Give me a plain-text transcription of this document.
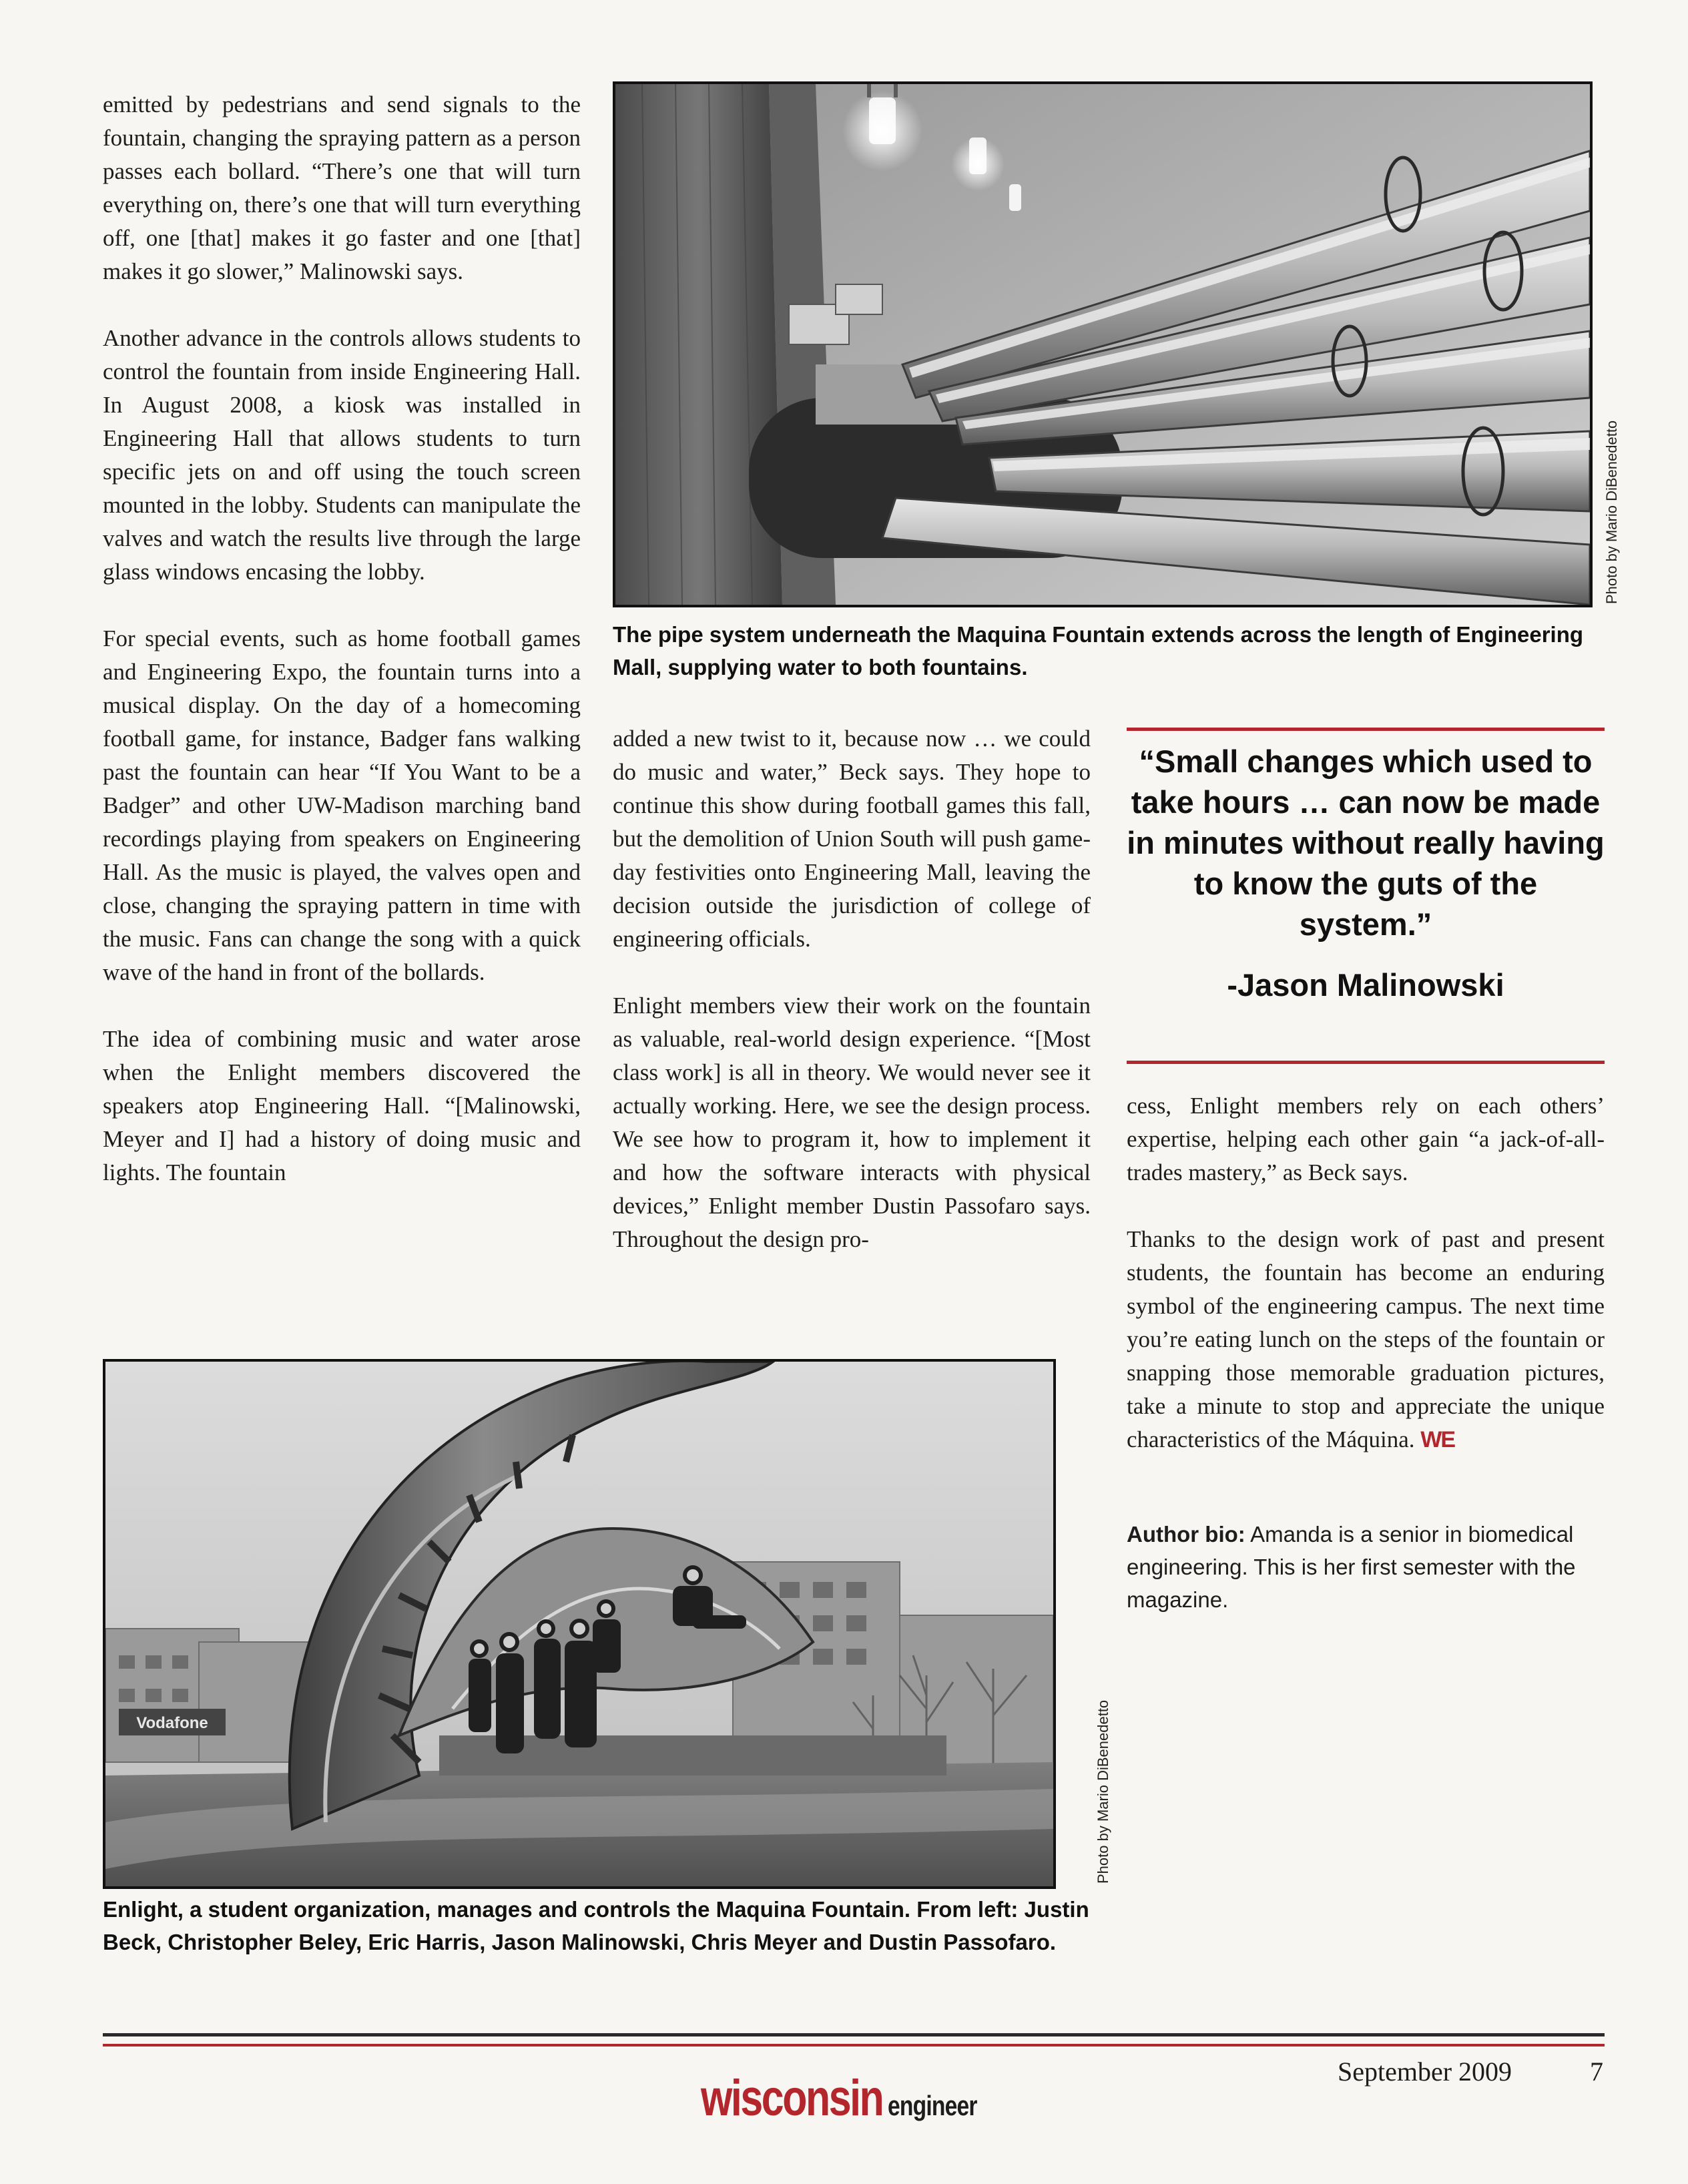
emitted by pedestrians and send signals to the fountain, changing the spraying pattern as a person passes each bollard. “There’s one that will turn everything on, there’s one that will turn everything off, one [that] makes it go faster and one [that] makes it go slower,” Malinowski says.

Another advance in the controls allows students to control the fountain from inside Engineering Hall. In August 2008, a kiosk was installed in Engineering Hall that allows students to turn specific jets on and off using the touch screen mounted in the lobby. Students can manipulate the valves and watch the results live through the large glass windows encasing the lobby.

For special events, such as home football games and Engineering Expo, the fountain turns into a musical display. On the day of a homecoming football game, for instance, Badger fans walking past the fountain can hear “If You Want to be a Badger” and other UW-Madison marching band recordings playing from speakers on Engineering Hall. As the music is played, the valves open and close, changing the spraying pattern in time with the music. Fans can change the song with a quick wave of the hand in front of the bollards.

The idea of combining music and water arose when the Enlight members discovered the speakers atop Engineering Hall. “[Malinowski, Meyer and I] had a history of doing music and lights. The fountain

Photo by Mario DiBenedetto
The pipe system underneath the Maquina Fountain extends across the length of Engineering Mall, supplying water to both fountains.

added a new twist to it, because now … we could do music and water,” Beck says. They hope to continue this show during football games this fall, but the demolition of Union South will push game-day festivities onto Engineering Mall, leaving the decision outside the jurisdiction of college of engineering officials.

Enlight members view their work on the fountain as valuable, real-world design experience. “[Most class work] is all in theory. We would never see it actually working. Here, we see the design process. We see how to program it, how to implement it and how the software interacts with physical devices,” Enlight member Dustin Passofaro says. Throughout the design pro-

“Small changes which used to take hours … can now be made in minutes without really having to know the guts of the system.”
-Jason Malinowski

cess, Enlight members rely on each others’ expertise, helping each other gain “a jack-of-all-trades mastery,” as Beck says.

Thanks to the design work of past and present students, the fountain has become an enduring symbol of the engineering campus. The next time you’re eating lunch on the steps of the fountain or snapping those memorable graduation pictures, take a minute to stop and appreciate the unique characteristics of the Máquina. WE

Author bio: Amanda is a senior in biomedical engineering. This is her first semester with the magazine.
Vodafone	Photo by Mario DiBenedetto
Enlight, a student organization, manages and controls the Maquina Fountain. From left: Justin Beck, Christopher Beley, Eric Harris, Jason Malinowski, Chris Meyer and Dustin Passofaro.
September 2009	7
wisconsin engineer
